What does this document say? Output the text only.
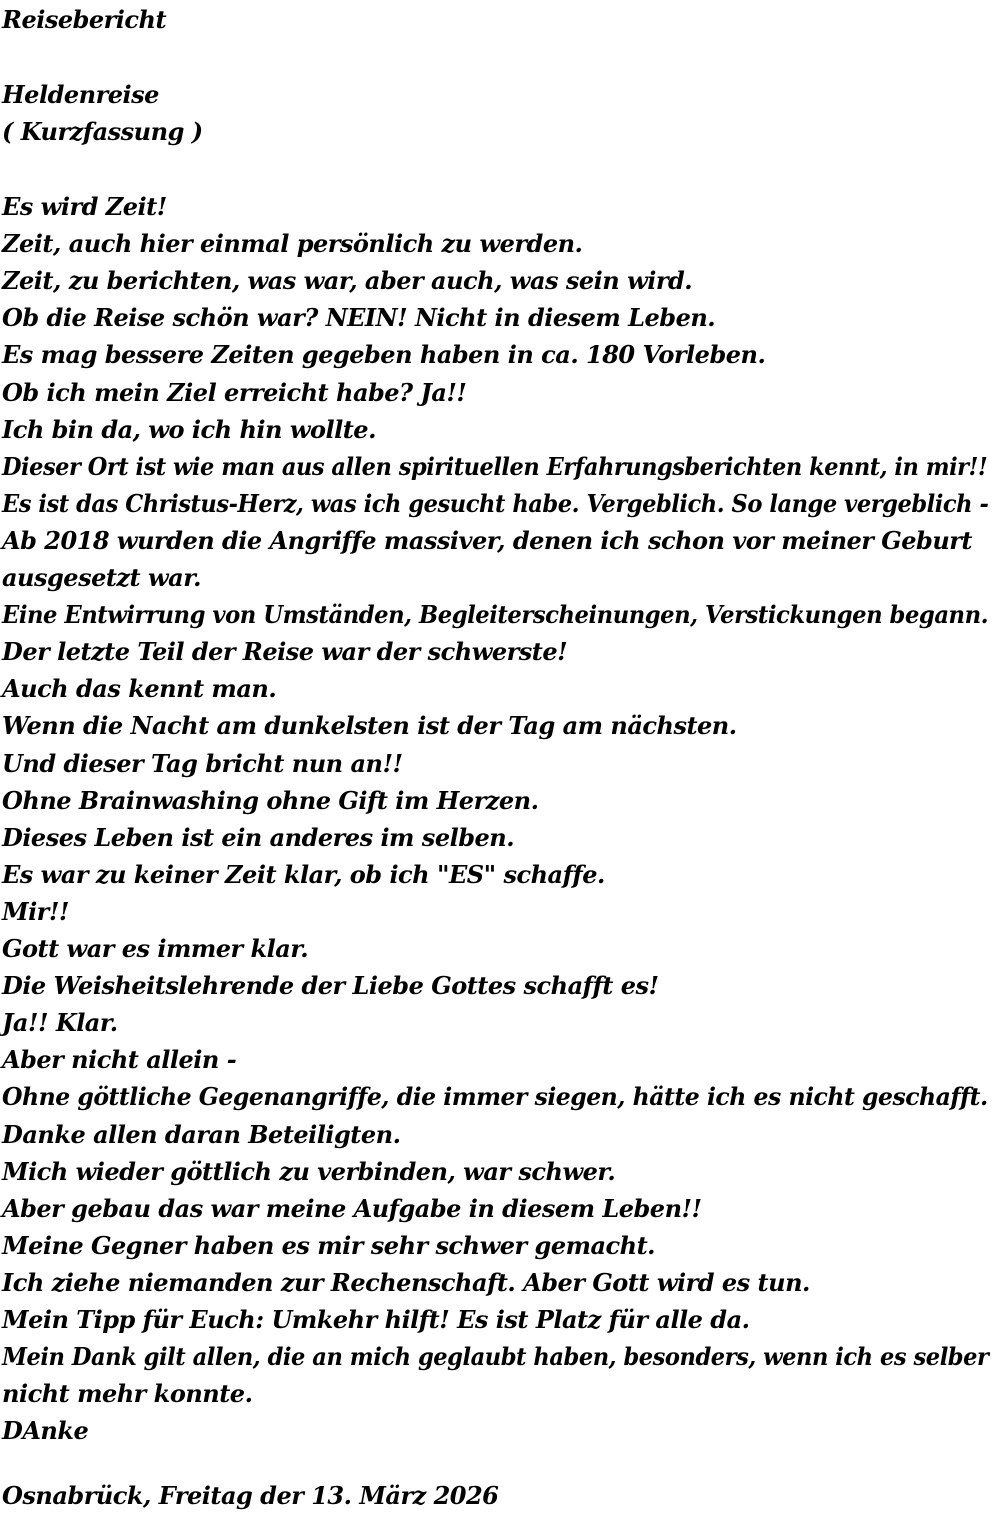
Reisebericht
Heldenreise
( Kurzfassung )
Es wird Zeit!
Zeit, auch hier einmal persönlich zu werden.
Zeit, zu berichten, was war, aber auch, was sein wird.
Ob die Reise schön war? NEIN! Nicht in diesem Leben.
Es mag bessere Zeiten gegeben haben in ca. 180 Vorleben.
Ob ich mein Ziel erreicht habe? Ja!!
Ich bin da, wo ich hin wollte.
Dieser Ort ist wie man aus allen spirituellen Erfahrungsberichten kennt, in mir!!
Es ist das Christus-Herz, was ich gesucht habe. Vergeblich. So lange vergeblich -
Ab 2018 wurden die Angriffe massiver, denen ich schon vor meiner Geburt
ausgesetzt war.
Eine Entwirrung von Umständen, Begleiterscheinungen, Verstickungen begann.
Der letzte Teil der Reise war der schwerste!
Auch das kennt man.
Wenn die Nacht am dunkelsten ist der Tag am nächsten.
Und dieser Tag bricht nun an!!
Ohne Brainwashing ohne Gift im Herzen.
Dieses Leben ist ein anderes im selben.
Es war zu keiner Zeit klar, ob ich "ES" schaffe.
Mir!!
Gott war es immer klar.
Die Weisheitslehrende der Liebe Gottes schafft es!
Ja!! Klar.
Aber nicht allein -
Ohne göttliche Gegenangriffe, die immer siegen, hätte ich es nicht geschafft.
Danke allen daran Beteiligten.
Mich wieder göttlich zu verbinden, war schwer.
Aber gebau das war meine Aufgabe in diesem Leben!!
Meine Gegner haben es mir sehr schwer gemacht.
Ich ziehe niemanden zur Rechenschaft. Aber Gott wird es tun.
Mein Tipp für Euch: Umkehr hilft! Es ist Platz für alle da.
Mein Dank gilt allen, die an mich geglaubt haben, besonders, wenn ich es selber
nicht mehr konnte.
DAnke
Osnabrück, Freitag der 13. März 2026
